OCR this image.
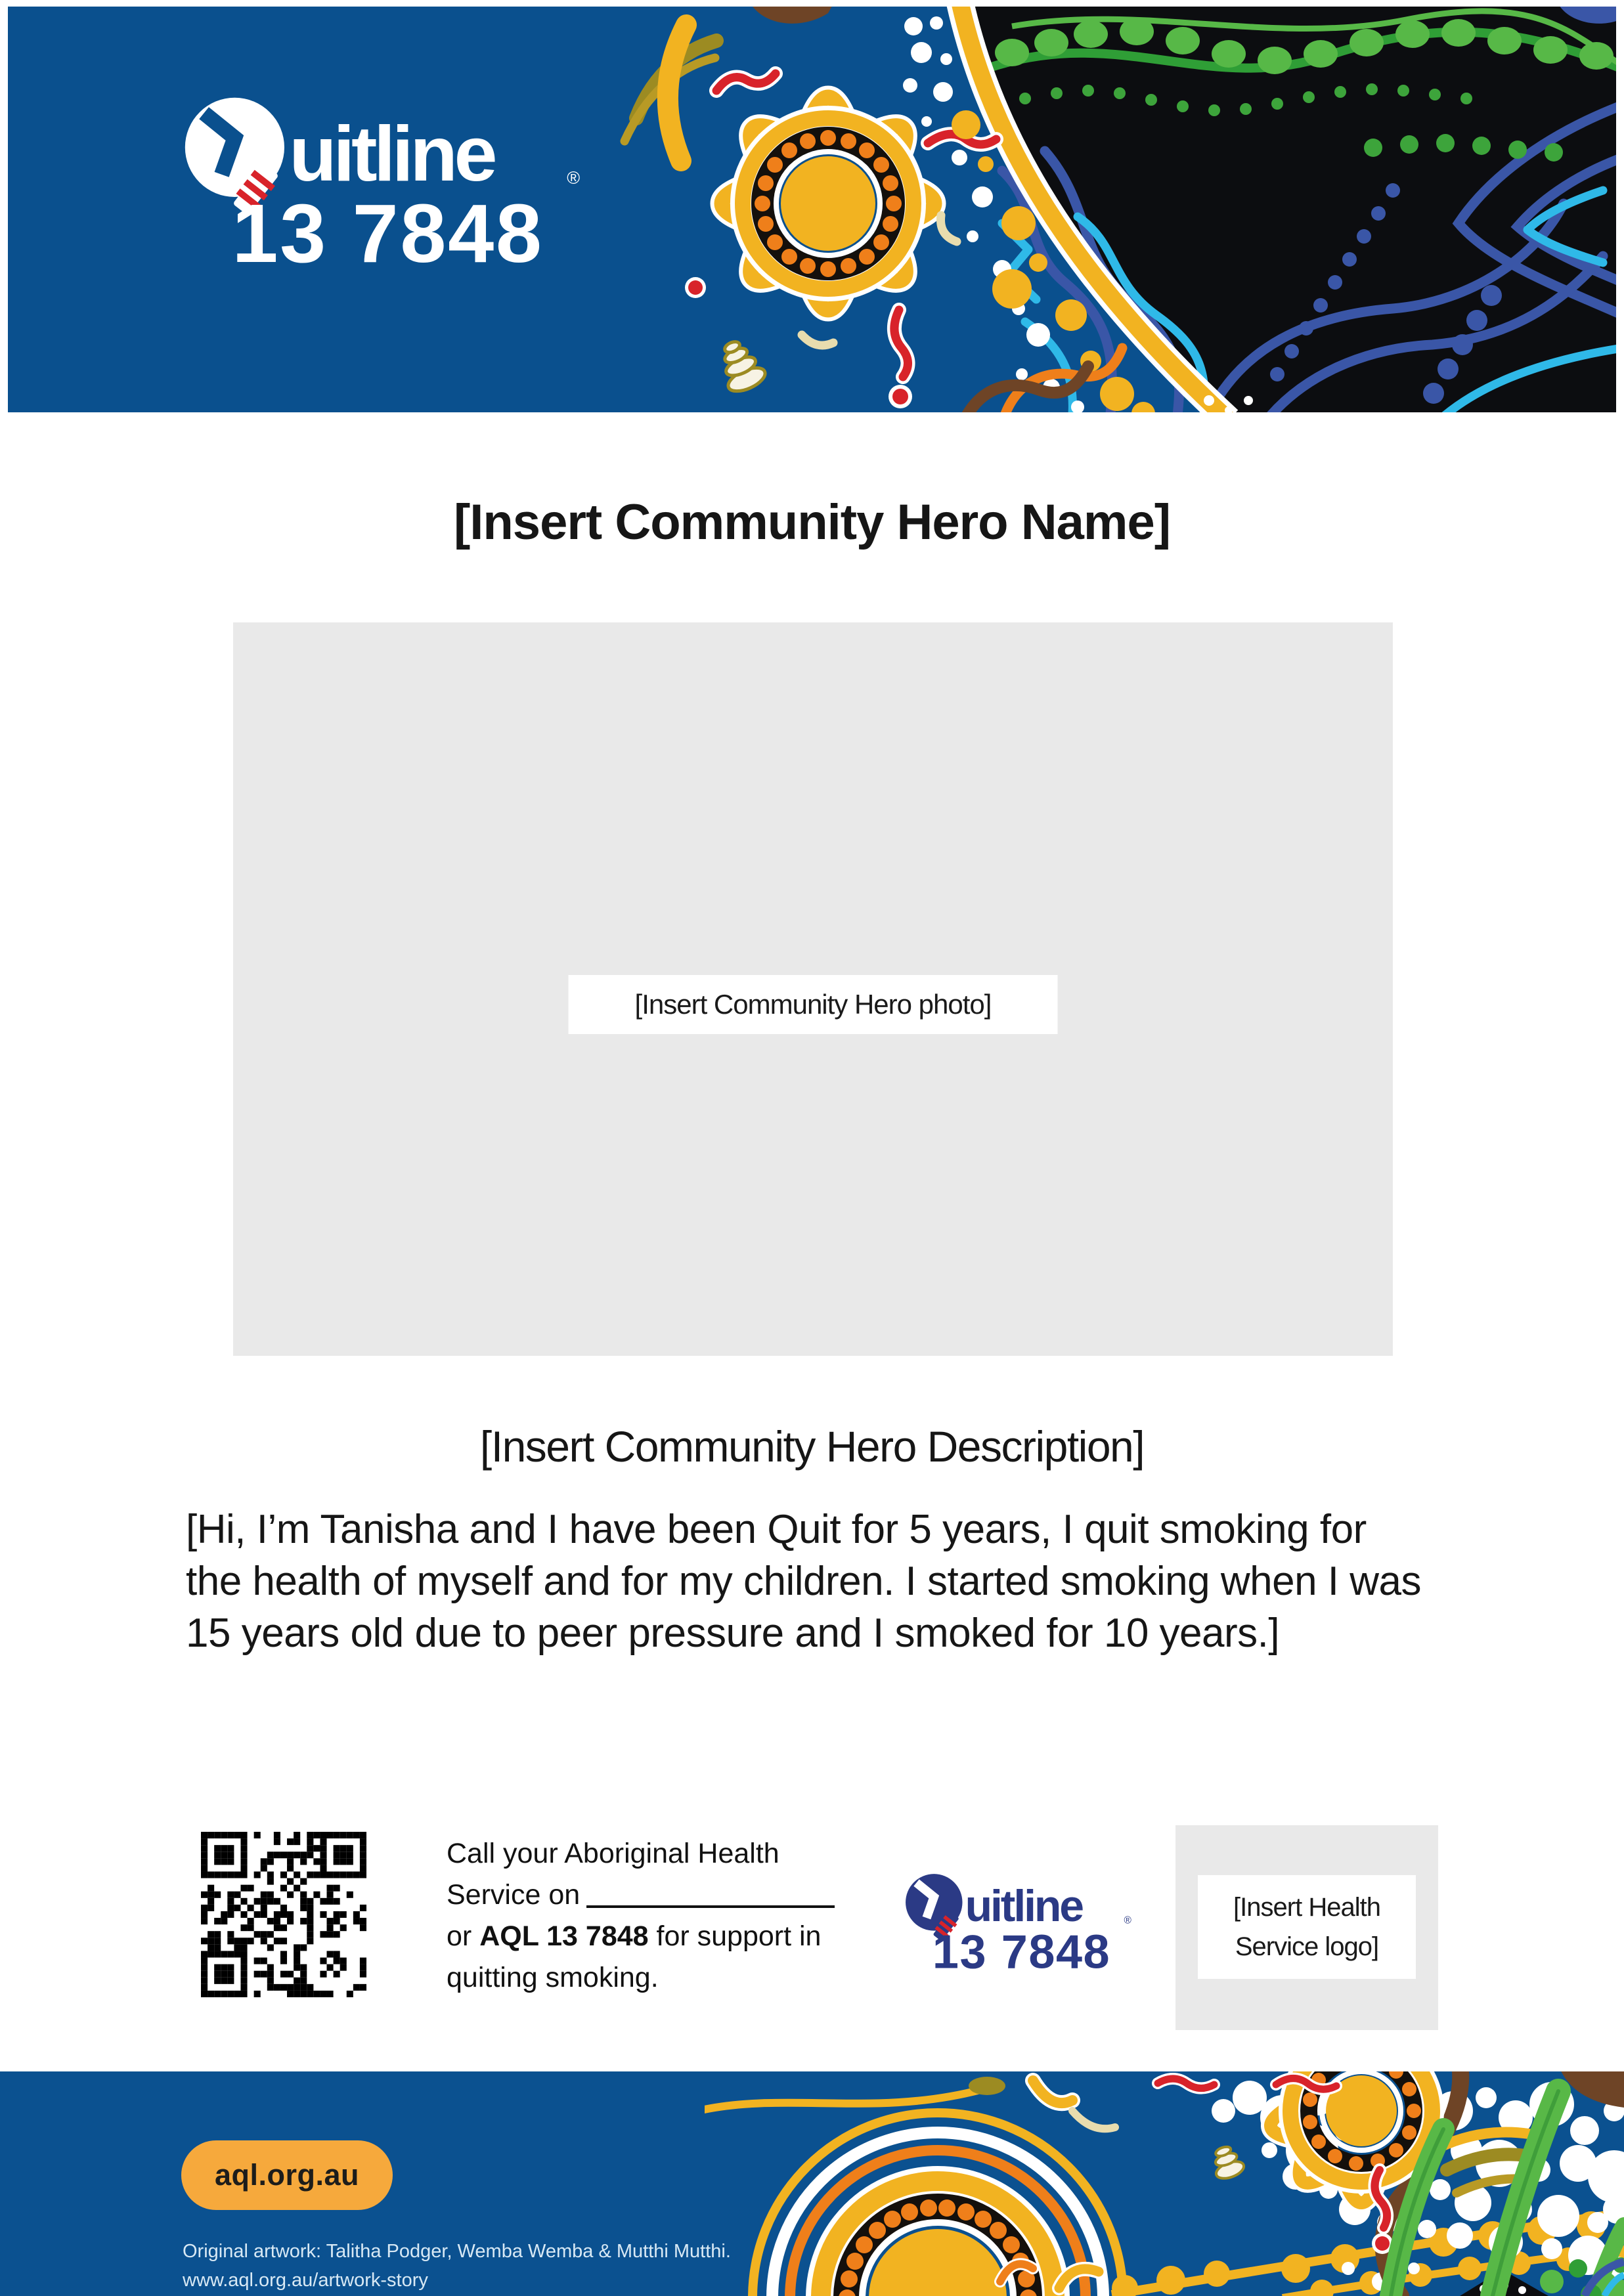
uitline	®
13 7848
[Insert Community Hero Name]
[Insert Community Hero photo]
[Insert Community Hero Description]
[Hi, I’m Tanisha and I have been Quit for 5 years, I quit smoking for the health of myself and for my children. I started smoking when I was 15 years old due to peer pressure and I smoked for 10 years.]
Call your Aboriginal Health
Service on
or AQL 13 7848 for support in
quitting smoking.
uitline ®
13 7848
[Insert Health Service logo]
aql.org.au
Original artwork: Talitha Podger, Wemba Wemba & Mutthi Mutthi.
www.aql.org.au/artwork-story
